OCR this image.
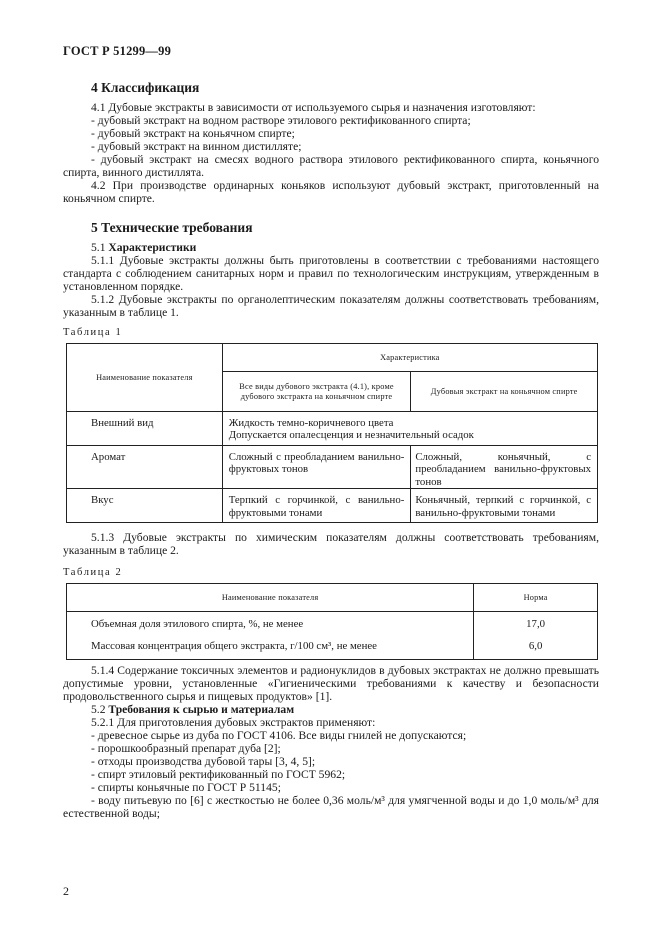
ГОСТ Р 51299—99
4 Классификация
4.1 Дубовые экстракты в зависимости от используемого сырья и назначения изготовляют:
- дубовый экстракт на водном растворе этилового ректификованного спирта;
- дубовый экстракт на коньячном спирте;
- дубовый экстракт на винном дистилляте;
- дубовый экстракт на смесях водного раствора этилового ректификованного спирта, коньячного спирта, винного дистиллята.
4.2 При производстве ординарных коньяков используют дубовый экстракт, приготовленный на коньячном спирте.
5 Технические требования
5.1 Характеристики
5.1.1 Дубовые экстракты должны быть приготовлены в соответствии с требованиями настоящего стандарта с соблюдением санитарных норм и правил по технологическим инструкциям, утвержденным в установленном порядке.
5.1.2 Дубовые экстракты по органолептическим показателям должны соответствовать требованиям, указанным в таблице 1.
Таблица 1
Наименование показателя	Характеристика	
	Все виды дубового экстракта (4.1), кроме дубового экстракта на коньячном спирте	Дубовыя экстракт на коньячном спирте
Внешний вид	Жидкость темно-коричневого цвета
Допускается опалесценция и незначительный осадок	
Аромат	Сложный с преобладанием ванильно-фруктовых тонов	Сложный, коньячный, с преобладанием ванильно-фруктовых тонов
Вкус	Терпкий с горчинкой, с ванильно-фруктовыми тонами	Коньячный, терпкий с горчинкой, с ванильно-фруктовыми тонами
5.1.3 Дубовые экстракты по химическим показателям должны соответствовать требованиям, указанным в таблице 2.
Таблица 2
Наименование показателя	Норма
Объемная доля этилового спирта, %, не менее	17,0
Массовая концентрация общего экстракта, г/100 см³, не менее	6,0
5.1.4 Содержание токсичных элементов и радионуклидов в дубовых экстрактах не должно превышать допустимые уровни, установленные «Гигиеническими требованиями к качеству и безопасности продовольственного сырья и пищевых продуктов» [1].
5.2 Требования к сырью и материалам
5.2.1 Для приготовления дубовых экстрактов применяют:
- древесное сырье из дуба по ГОСТ 4106. Все виды гнилей не допускаются;
- порошкообразный препарат дуба [2];
- отходы производства дубовой тары [3, 4, 5];
- спирт этиловый ректификованный по ГОСТ 5962;
- спирты коньячные по ГОСТ Р 51145;
- воду питьевую по [6] с жесткостью не более 0,36 моль/м³ для умягченной воды и до 1,0 моль/м³ для естественной воды;
2
